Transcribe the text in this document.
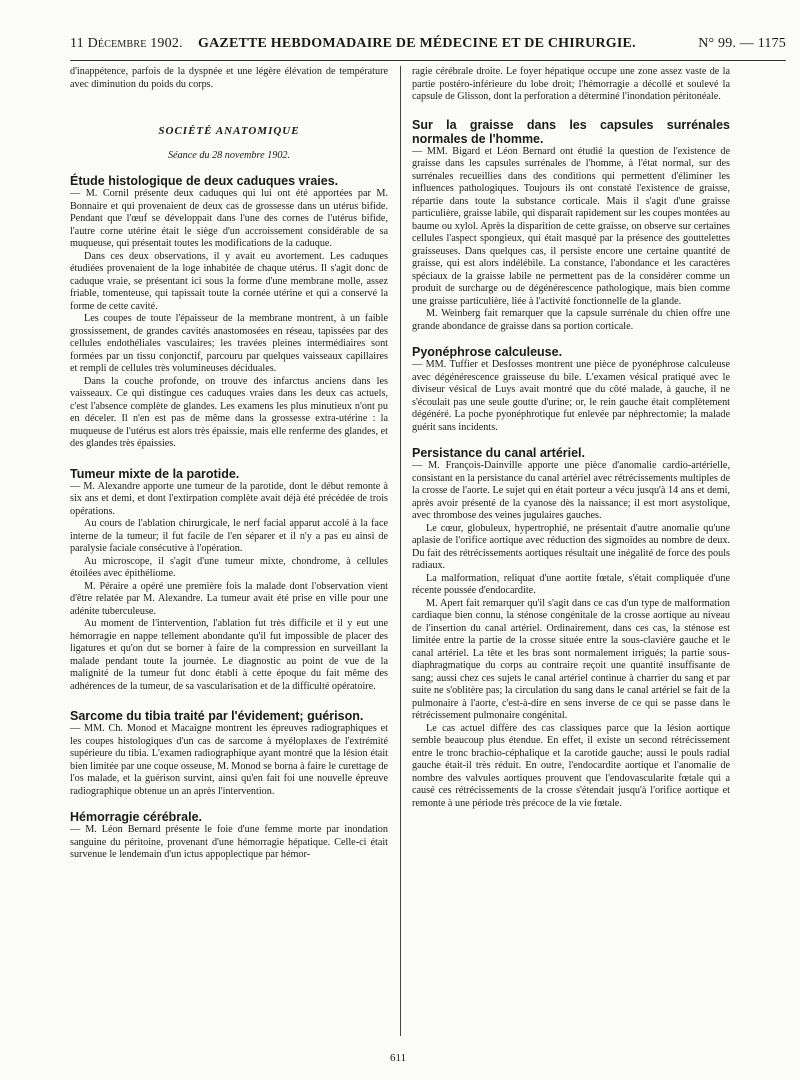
11 Décembre 1902. GAZETTE HEBDOMADAIRE DE MÉDECINE ET DE CHIRURGIE.	N° 99. — 1175

d'inappétence, parfois de la dyspnée et une légère élévation de température avec diminution du poids du corps.

SOCIÉTÉ ANATOMIQUE
Séance du 28 novembre 1902.
Étude histologique de deux caduques vraies.

— M. Cornil présente deux caduques qui lui ont été apportées par M. Bonnaire et qui provenaient de deux cas de grossesse dans un utérus bifide. Pendant que l'œuf se développait dans l'une des cornes de l'utérus bifide, l'autre corne utérine était le siège d'un accroissement considérable de sa muqueuse, qui présentait toutes les modifications de la caduque.

Dans ces deux observations, il y avait eu avortement. Les caduques étudiées provenaient de la loge inhabitée de chaque utérus. Il s'agit donc de caduque vraie, se présentant ici sous la forme d'une membrane molle, assez friable, tomenteuse, qui tapissait toute la cornée utérine et qui a conservé la forme de cette cavité.

Les coupes de toute l'épaisseur de la membrane montrent, à un faible grossissement, de grandes cavités anastomosées en réseau, tapissées par des cellules endothéliales vasculaires; les travées pleines intermédiaires sont formées par un tissu conjonctif, parcouru par quelques vaisseaux capillaires et rempli de cellules très volumineuses déciduales.

Dans la couche profonde, on trouve des infarctus anciens dans les vaisseaux. Ce qui distingue ces caduques vraies dans les deux cas actuels, c'est l'absence complète de glandes. Les examens les plus minutieux n'ont pu en déceler. Il n'en est pas de même dans la grossesse extra-utérine : la muqueuse de l'utérus est alors très épaissie, mais elle renferme des glandes, et des glandes très épaissies.

Tumeur mixte de la parotide.

— M. Alexandre apporte une tumeur de la parotide, dont le début remonte à six ans et demi, et dont l'extirpation complète avait déjà été précédée de trois opérations.

Au cours de l'ablation chirurgicale, le nerf facial apparut accolé à la face interne de la tumeur; il fut facile de l'en séparer et il n'y a pas eu ainsi de paralysie faciale consécutive à l'opération.

Au microscope, il s'agit d'une tumeur mixte, chondrome, à cellules étoilées avec épithéliome.

M. Péraire a opéré une première fois la malade dont l'observation vient d'être relatée par M. Alexandre. La tumeur avait été prise en ville pour une adénite tuberculeuse.

Au moment de l'intervention, l'ablation fut très difficile et il y eut une hémorragie en nappe tellement abondante qu'il fut impossible de placer des ligatures et qu'on dut se borner à faire de la compression en surveillant la malade pendant toute la journée. Le diagnostic au point de vue de la malignité de la tumeur fut donc établi à cette époque du fait même des adhérences de la tumeur, de sa vascularisation et de la difficulté opératoire.

Sarcome du tibia traité par l'évidement; guérison.

— MM. Ch. Monod et Macaigne montrent les épreuves radiographiques et les coupes histologiques d'un cas de sarcome à myéloplaxes de l'extrémité supérieure du tibia. L'examen radiographique ayant montré que la lésion était bien limitée par une coque osseuse, M. Monod se borna à faire le curettage de l'os malade, et la guérison survint, ainsi qu'en fait foi une nouvelle épreuve radiographique obtenue un an après l'intervention.

Hémorragie cérébrale.

— M. Léon Bernard présente le foie d'une femme morte par inondation sanguine du péritoine, provenant d'une hémorragie hépatique. Celle-ci était survenue le lendemain d'un ictus appoplectique par hémor-

ragie cérébrale droite. Le foyer hépatique occupe une zone assez vaste de la partie postéro-inférieure du lobe droit; l'hémorragie a décollé et soulevé la capsule de Glisson, dont la perforation a déterminé l'inondation péritonéale.

Sur la graisse dans les capsules surrénales normales de l'homme.

— MM. Bigard et Léon Bernard ont étudié la question de l'existence de graisse dans les capsules surrénales de l'homme, à l'état normal, sur des surrénales recueillies dans des conditions qui permettent d'éliminer les influences pathologiques. Toujours ils ont constaté l'existence de graisse, répartie dans toute la substance corticale. Mais il s'agit d'une graisse particulière, graisse labile, qui disparaît rapidement sur les coupes montées au baume ou xylol. Après la disparition de cette graisse, on observe sur certaines cellules l'aspect spongieux, qui était masqué par la présence des gouttelettes graisseuses. Dans quelques cas, il persiste encore une certaine quantité de graisse, qui est alors indélébile. La constance, l'abondance et les caractères spéciaux de la graisse labile ne permettent pas de la considérer comme un produit de surcharge ou de dégénérescence pathologique, mais bien comme une graisse particulière, liée à l'activité fonctionnelle de la glande.

M. Weinberg fait remarquer que la capsule surrénale du chien offre une grande abondance de graisse dans sa portion corticale.

Pyonéphrose calculeuse.

— MM. Tuffier et Desfosses montrent une pièce de pyonéphrose calculeuse avec dégénérescence graisseuse du bile. L'examen vésical pratiqué avec le diviseur vésical de Luys avait montré que du côté malade, à gauche, il ne s'écoulait pas une seule goutte d'urine; or, le rein gauche était complètement dégénéré. La poche pyonéphrotique fut enlevée par néphrectomie; la malade guérit sans incidents.

Persistance du canal artériel.

— M. François-Dainville apporte une pièce d'anomalie cardio-artérielle, consistant en la persistance du canal artériel avec rétrécissements multiples de la crosse de l'aorte. Le sujet qui en était porteur a vécu jusqu'à 14 ans et demi, après avoir présenté de la cyanose dès la naissance; il est mort asystolique, avec thrombose des veines jugulaires gauches.

Le cœur, globuleux, hypertrophié, ne présentait d'autre anomalie qu'une aplasie de l'orifice aortique avec réduction des sigmoïdes au nombre de deux. Du fait des rétrécissements aortiques résultait une inégalité de force des pouls radiaux.

La malformation, reliquat d'une aortite fœtale, s'était compliquée d'une récente poussée d'endocardite.

M. Apert fait remarquer qu'il s'agit dans ce cas d'un type de malformation cardiaque bien connu, la sténose congénitale de la crosse aortique au niveau de l'insertion du canal artériel. Ordinairement, dans ces cas, la sténose est limitée entre la partie de la crosse située entre la sous-clavière gauche et le canal artériel. La tête et les bras sont normalement irrigués; la partie sous-diaphragmatique du corps au contraire reçoit une quantité insuffisante de sang; aussi chez ces sujets le canal artériel continue à charrier du sang et par suite ne s'oblitère pas; la circulation du sang dans le canal artériel se fait de la pulmonaire à l'aorte, c'est-à-dire en sens inverse de ce qui se passe dans le rétrécissement pulmonaire congénital.

Le cas actuel diffère des cas classiques parce que la lésion aortique semble beaucoup plus étendue. En effet, il existe un second rétrécissement entre le tronc brachio-céphalique et la carotide gauche; aussi le pouls radial gauche était-il très réduit. En outre, l'endocardite aortique et l'anomalie de nombre des valvules aortiques prouvent que l'endovascularite fœtale qui a causé ces rétrécissements de la crosse s'étendait jusqu'à l'orifice aortique et remonte à une période très précoce de la vie fœtale.

611
